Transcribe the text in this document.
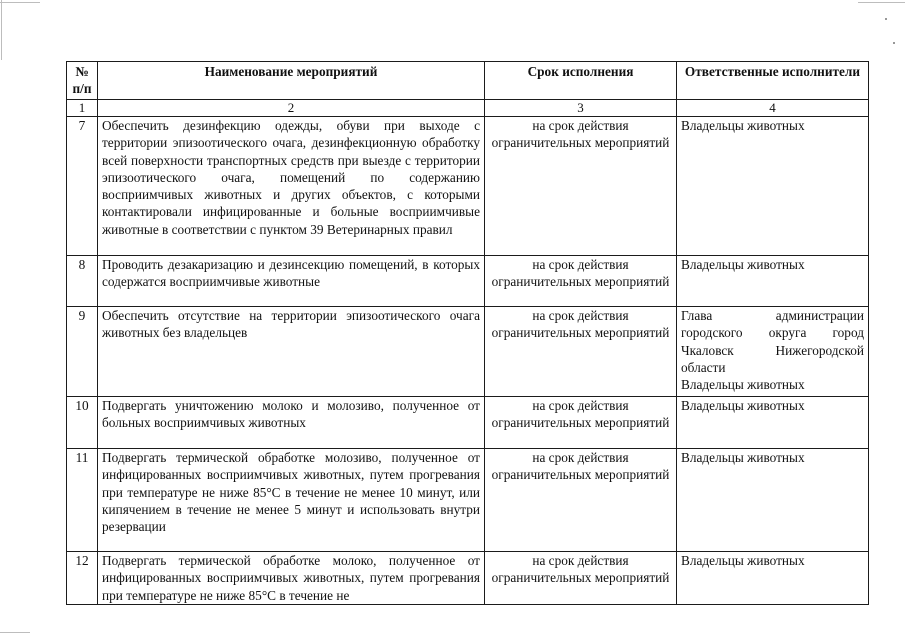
№ п/п	Наименование мероприятий	Срок исполнения	Ответственные исполнители
1	2	3	4
7	Обеспечить дезинфекцию одежды, обуви при выходе с территории эпизоотического очага, дезинфекционную обработку всей поверхности транспортных средств при выезде с территории эпизоотического очага, помещений по содержанию восприимчивых животных и других объектов, с которыми контактировали инфицированные и больные восприимчивые животные в соответствии с пунктом 39 Ветеринарных правил	на срок действия ограничительных мероприятий	Владельцы животных

8	Проводить дезакаризацию и дезинсекцию помещений, в которых содержатся восприимчивые животные	на срок действия ограничительных мероприятий	Владельцы животных

9	Обеспечить отсутствие на территории эпизоотического очага животных без владельцев	на срок действия ограничительных мероприятий	Глава администрации городского округа город Чкаловск Нижегородской области
Владельцы животных

10	Подвергать уничтожению молоко и молозиво, полученное от больных восприимчивых животных	на срок действия ограничительных мероприятий	Владельцы животных

11	Подвергать термической обработке молозиво, полученное от инфицированных восприимчивых животных, путем прогревания при температуре не ниже 85°С в течение не менее 10 минут, или кипячением в течение не менее 5 минут и использовать внутри резервации	на срок действия ограничительных мероприятий	Владельцы животных

12	Подвергать термической обработке молоко, полученное от инфицированных восприимчивых животных, путем прогревания при температуре не ниже 85°С в течение не	на срок действия ограничительных мероприятий	Владельцы животных
